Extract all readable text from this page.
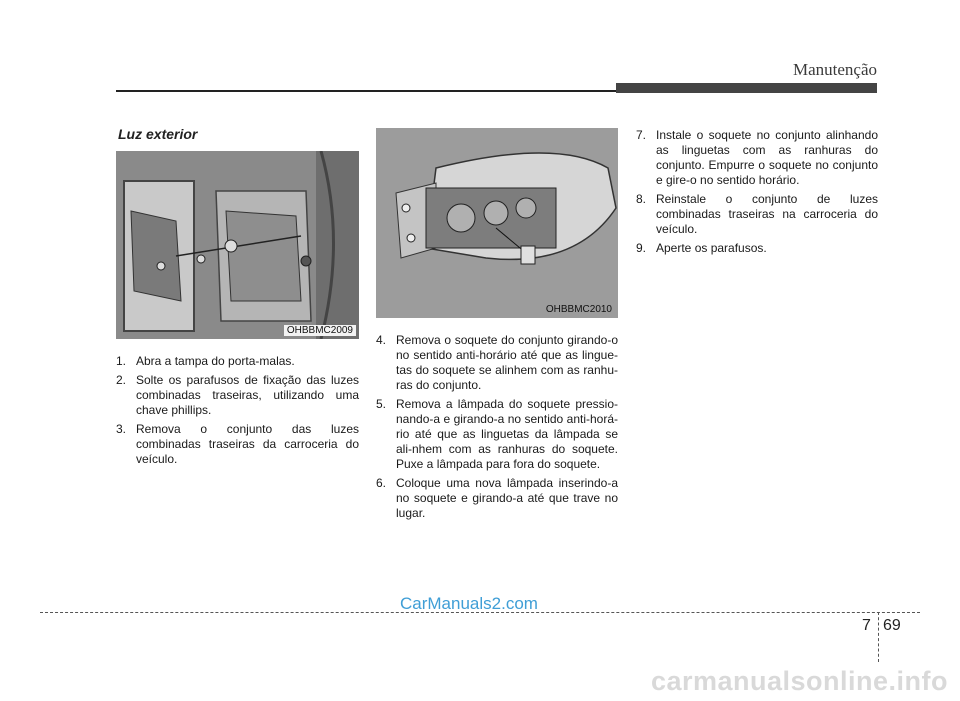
Manutenção
Luz exterior
OHBBMC2009
OHBBMC2010
1. Abra a tampa do porta-malas.
2. Solte os parafusos de fixação das luzes combinadas traseiras, utilizando uma chave phillips.
3. Remova o conjunto das luzes combinadas traseiras da carroceria do veículo.
4. Remova o soquete do conjunto girando-o no sentido anti-horário até que as lingue-tas do soquete se alinhem com as ranhu-ras do conjunto.
5. Remova a lâmpada do soquete pressio-nando-a e girando-a no sentido anti-horá-rio até que as linguetas da lâmpada se ali-nhem com as ranhuras do soquete. Puxe a lâmpada para fora do soquete.
6. Coloque uma nova lâmpada inserindo-a no soquete e girando-a até que trave no lugar.
7. Instale o soquete no conjunto alinhando as linguetas com as ranhuras do conjunto. Empurre o soquete no conjunto e gire-o no sentido horário.
8. Reinstale o conjunto de luzes combinadas traseiras na carroceria do veículo.
9. Aperte os parafusos.
CarManuals2.com
7 69
carmanualsonline.info
